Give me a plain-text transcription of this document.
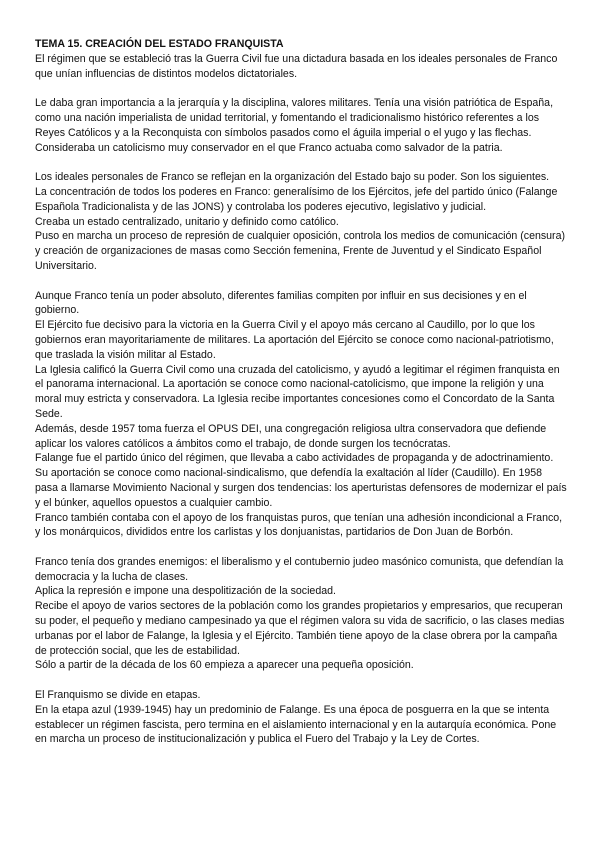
TEMA 15. CREACIÓN DEL ESTADO FRANQUISTA
El régimen que se estableció tras la Guerra Civil fue una dictadura basada en los ideales personales de Franco que unían influencias de distintos modelos dictatoriales.
Le daba gran importancia a la jerarquía y la disciplina, valores militares. Tenía una visión patriótica de España, como una nación imperialista de unidad territorial, y fomentando el tradicionalismo histórico referentes a los Reyes Católicos y a la Reconquista con símbolos pasados como el águila imperial o el yugo y las flechas.
Consideraba un catolicismo muy conservador en el que Franco actuaba como salvador de la patria.
Los ideales personales de Franco se reflejan en la organización del Estado bajo su poder. Son los siguientes.
La concentración de todos los poderes en Franco: generalísimo de los Ejércitos, jefe del partido único (Falange Española Tradicionalista y de las JONS) y controlaba los poderes ejecutivo, legislativo y judicial.
Creaba un estado centralizado, unitario y definido como católico.
Puso en marcha un proceso de represión de cualquier oposición, controla los medios de comunicación (censura) y creación de organizaciones de masas como Sección femenina, Frente de Juventud y el Sindicato Español Universitario.
Aunque Franco tenía un poder absoluto, diferentes familias compiten por influir en sus decisiones y en el gobierno.
El Ejército fue decisivo para la victoria en la Guerra Civil y el apoyo más cercano al Caudillo, por lo que los gobiernos eran mayoritariamente de militares. La aportación del Ejército se conoce como nacional-patriotismo, que traslada la visión militar al Estado.
La Iglesia calificó la Guerra Civil como una cruzada del catolicismo, y ayudó a legitimar el régimen franquista en el panorama internacional. La aportación se conoce como nacional-catolicismo, que impone la religión y una moral muy estricta y conservadora. La Iglesia recibe importantes concesiones como el Concordato de la Santa Sede.
Además, desde 1957 toma fuerza el OPUS DEI, una congregación religiosa ultra conservadora que defiende aplicar los valores católicos a ámbitos como el trabajo, de donde surgen los tecnócratas.
Falange fue el partido único del régimen, que llevaba a cabo actividades de propaganda y de adoctrinamiento. Su aportación se conoce como nacional-sindicalismo, que defendía la exaltación al líder (Caudillo). En 1958 pasa a llamarse Movimiento Nacional y surgen dos tendencias: los aperturistas defensores de modernizar el país y el búnker, aquellos opuestos a cualquier cambio.
Franco también contaba con el apoyo de los franquistas puros, que tenían una adhesión incondicional a Franco, y los monárquicos, divididos entre los carlistas y los donjuanistas, partidarios de Don Juan de Borbón.
Franco tenía dos grandes enemigos: el liberalismo y el contubernio judeo masónico comunista, que defendían la democracia y la lucha de clases.
Aplica la represión e impone una despolitización de la sociedad.
Recibe el apoyo de varios sectores de la población como los grandes propietarios y empresarios, que recuperan su poder, el pequeño y mediano campesinado ya que el régimen valora su vida de sacrificio, o las clases medias urbanas por el labor de Falange, la Iglesia y el Ejército. También tiene apoyo de la clase obrera por la campaña de protección social, que les de estabilidad.
Sólo a partir de la década de los 60 empieza a aparecer una pequeña oposición.
El Franquismo se divide en etapas.
En la etapa azul (1939-1945) hay un predominio de Falange. Es una época de posguerra en la que se intenta establecer un régimen fascista, pero termina en el aislamiento internacional y en la autarquía económica. Pone en marcha un proceso de institucionalización y publica el Fuero del Trabajo y la Ley de Cortes.
